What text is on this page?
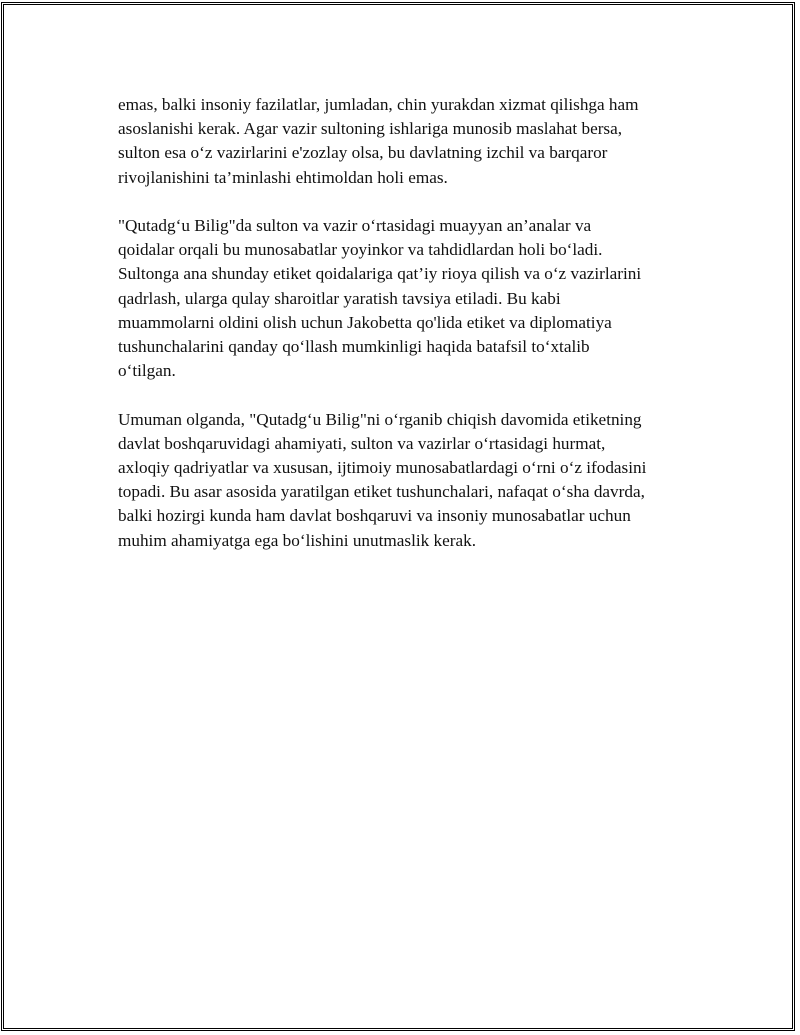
emas, balki insoniy fazilatlar, jumladan, chin yurakdan xizmat qilishga ham
asoslanishi kerak. Agar vazir sultoning ishlariga munosib maslahat bersa,
sulton esa o‘z vazirlarini e'zozlay olsa, bu davlatning izchil va barqaror
rivojlanishini ta’minlashi ehtimoldan holi emas.

"Qutadg‘u Bilig"da sulton va vazir o‘rtasidagi muayyan an’analar va
qoidalar orqali bu munosabatlar yoyinkor va tahdidlardan holi bo‘ladi.
Sultonga ana shunday etiket qoidalariga qat’iy rioya qilish va o‘z vazirlarini
qadrlash, ularga qulay sharoitlar yaratish tavsiya etiladi. Bu kabi
muammolarni oldini olish uchun Jakobetta qo'lida etiket va diplomatiya
tushunchalarini qanday qo‘llash mumkinligi haqida batafsil to‘xtalib
o‘tilgan.

Umuman olganda, "Qutadg‘u Bilig"ni o‘rganib chiqish davomida etiketning
davlat boshqaruvidagi ahamiyati, sulton va vazirlar o‘rtasidagi hurmat,
axloqiy qadriyatlar va xususan, ijtimoiy munosabatlardagi o‘rni o‘z ifodasini
topadi. Bu asar asosida yaratilgan etiket tushunchalari, nafaqat o‘sha davrda,
balki hozirgi kunda ham davlat boshqaruvi va insoniy munosabatlar uchun
muhim ahamiyatga ega bo‘lishini unutmaslik kerak.
